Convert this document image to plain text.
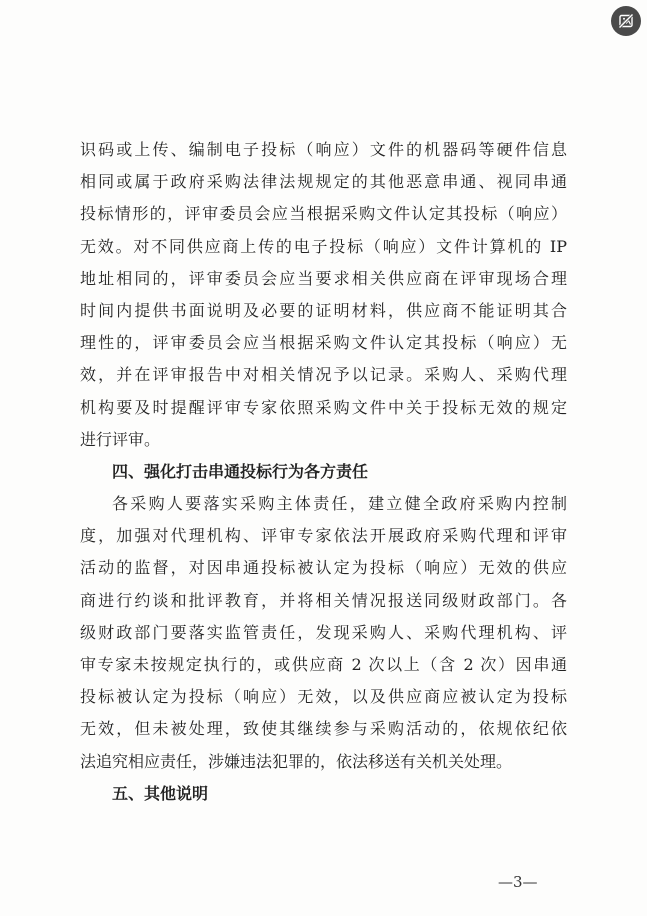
识码或上传、编制电子投标（响应）文件的机器码等硬件信息
相同或属于政府采购法律法规规定的其他恶意串通、视同串通
投标情形的，评审委员会应当根据采购文件认定其投标（响应）
无效。对不同供应商上传的电子投标（响应）文件计算机的 IP
地址相同的，评审委员会应当要求相关供应商在评审现场合理
时间内提供书面说明及必要的证明材料，供应商不能证明其合
理性的，评审委员会应当根据采购文件认定其投标（响应）无
效，并在评审报告中对相关情况予以记录。采购人、采购代理
机构要及时提醒评审专家依照采购文件中关于投标无效的规定
进行评审。
四、强化打击串通投标行为各方责任
各采购人要落实采购主体责任，建立健全政府采购内控制
度，加强对代理机构、评审专家依法开展政府采购代理和评审
活动的监督，对因串通投标被认定为投标（响应）无效的供应
商进行约谈和批评教育，并将相关情况报送同级财政部门。各
级财政部门要落实监管责任，发现采购人、采购代理机构、评
审专家未按规定执行的，或供应商 2 次以上（含 2 次）因串通
投标被认定为投标（响应）无效，以及供应商应被认定为投标
无效，但未被处理，致使其继续参与采购活动的，依规依纪依
法追究相应责任，涉嫌违法犯罪的，依法移送有关机关处理。
五、其他说明
—3—
